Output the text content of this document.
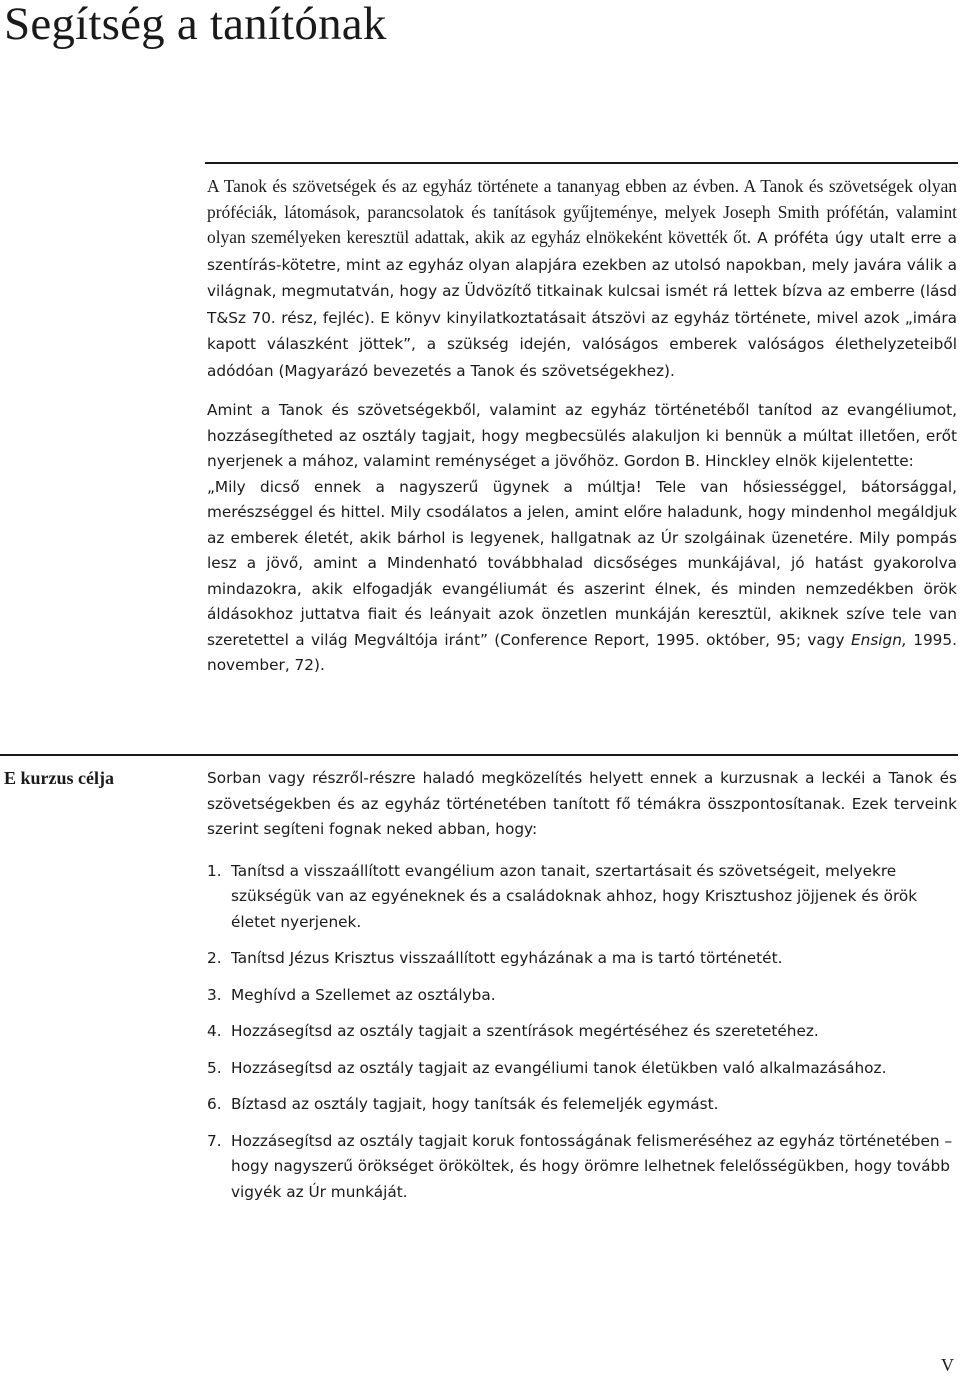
Segítség a tanítónak

A Tanok és szövetségek és az egyház története a tananyag ebben az évben. A Tanok és szövetségek olyan próféciák, látomások, parancsolatok és tanítások gyűjteménye, melyek Joseph Smith prófétán, valamint olyan személyeken keresztül adattak, akik az egyház elnökeként követték őt. A próféta úgy utalt erre a szentírás-kötetre, mint az egyház olyan alapjára ezekben az utolsó napokban, mely javára válik a világnak, megmutatván, hogy az Üdvözítő titkainak kulcsai ismét rá lettek bízva az emberre (lásd T&Sz 70. rész, fejléc). E könyv kinyilatkoztatásait átszövi az egyház története, mivel azok „imára kapott válaszként jöttek”, a szükség idején, valóságos emberek valóságos élethelyzeteiből adódóan (Magyarázó bevezetés a Tanok és szövetségekhez).

Amint a Tanok és szövetségekből, valamint az egyház történetéből tanítod az evangéliumot, hozzásegítheted az osztály tagjait, hogy megbecsülés alakuljon ki bennük a múltat illetően, erőt nyerjenek a mához, valamint reménységet a jövőhöz. Gordon B. Hinckley elnök kijelentette:

„Mily dicső ennek a nagyszerű ügynek a múltja! Tele van hősiességgel, bátorsággal, merészséggel és hittel. Mily csodálatos a jelen, amint előre haladunk, hogy mindenhol megáldjuk az emberek életét, akik bárhol is legyenek, hallgatnak az Úr szolgáinak üzenetére. Mily pompás lesz a jövő, amint a Mindenható továbbhalad dicsőséges munkájával, jó hatást gyakorolva mindazokra, akik elfogadják evangéliumát és aszerint élnek, és minden nemzedékben örök áldásokhoz juttatva fiait és leányait azok önzetlen munkáján keresztül, akiknek szíve tele van szeretettel a világ Megváltója iránt” (Conference Report, 1995. október, 95; vagy Ensign, 1995. november, 72).

E kurzus célja	Sorban vagy részről-részre haladó megközelítés helyett ennek a kurzusnak a leckéi a Tanok és szövetségekben és az egyház történetében tanított fő témákra összpontosítanak. Ezek terveink szerint segíteni fognak neked abban, hogy:

1. Tanítsd a visszaállított evangélium azon tanait, szertartásait és szövetségeit, melyekre szükségük van az egyéneknek és a családoknak ahhoz, hogy Krisztushoz jöjjenek és örök életet nyerjenek.
2. Tanítsd Jézus Krisztus visszaállított egyházának a ma is tartó történetét.
3. Meghívd a Szellemet az osztályba.
4. Hozzásegítsd az osztály tagjait a szentírások megértéséhez és szeretetéhez.
5. Hozzásegítsd az osztály tagjait az evangéliumi tanok életükben való alkalmazásához.
6. Bíztasd az osztály tagjait, hogy tanítsák és felemeljék egymást.
7. Hozzásegítsd az osztály tagjait koruk fontosságának felismeréséhez az egyház történetében – hogy nagyszerű örökséget örököltek, és hogy örömre lelhetnek felelősségükben, hogy tovább vigyék az Úr munkáját.

V
